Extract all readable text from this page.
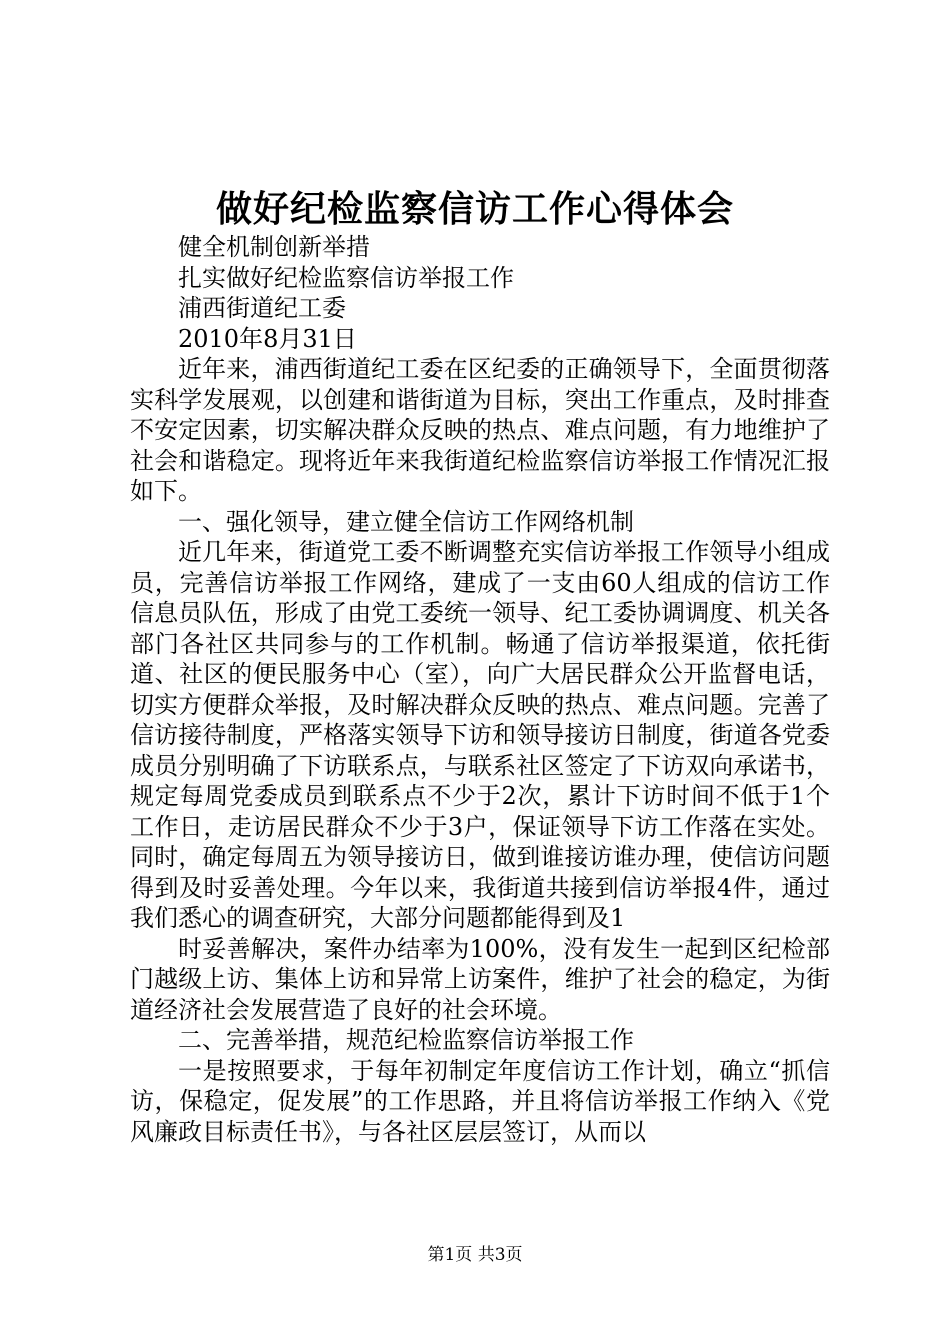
做好纪检监察信访工作心得体会

健全机制创新举措

扎实做好纪检监察信访举报工作

浦西街道纪工委

2010年8月31日

近年来，浦西街道纪工委在区纪委的正确领导下，全面贯彻落实科学发展观，以创建和谐街道为目标，突出工作重点，及时排查不安定因素，切实解决群众反映的热点、难点问题，有力地维护了社会和谐稳定。现将近年来我街道纪检监察信访举报工作情况汇报如下。

一、强化领导，建立健全信访工作网络机制

近几年来，街道党工委不断调整充实信访举报工作领导小组成员，完善信访举报工作网络，建成了一支由60人组成的信访工作信息员队伍，形成了由党工委统一领导、纪工委协调调度、机关各部门各社区共同参与的工作机制。畅通了信访举报渠道，依托街道、社区的便民服务中心（室），向广大居民群众公开监督电话，切实方便群众举报，及时解决群众反映的热点、难点问题。完善了信访接待制度，严格落实领导下访和领导接访日制度，街道各党委成员分别明确了下访联系点，与联系社区签定了下访双向承诺书，规定每周党委成员到联系点不少于2次，累计下访时间不低于1个工作日，走访居民群众不少于3户，保证领导下访工作落在实处。同时，确定每周五为领导接访日，做到谁接访谁办理，使信访问题得到及时妥善处理。今年以来，我街道共接到信访举报4件，通过我们悉心的调查研究，大部分问题都能得到及1

时妥善解决，案件办结率为100%，没有发生一起到区纪检部门越级上访、集体上访和异常上访案件，维护了社会的稳定，为街道经济社会发展营造了良好的社会环境。

二、完善举措，规范纪检监察信访举报工作

一是按照要求，于每年初制定年度信访工作计划，确立“抓信访，保稳定，促发展”的工作思路，并且将信访举报工作纳入《党风廉政目标责任书》，与各社区层层签订，从而以

第1页 共3页
